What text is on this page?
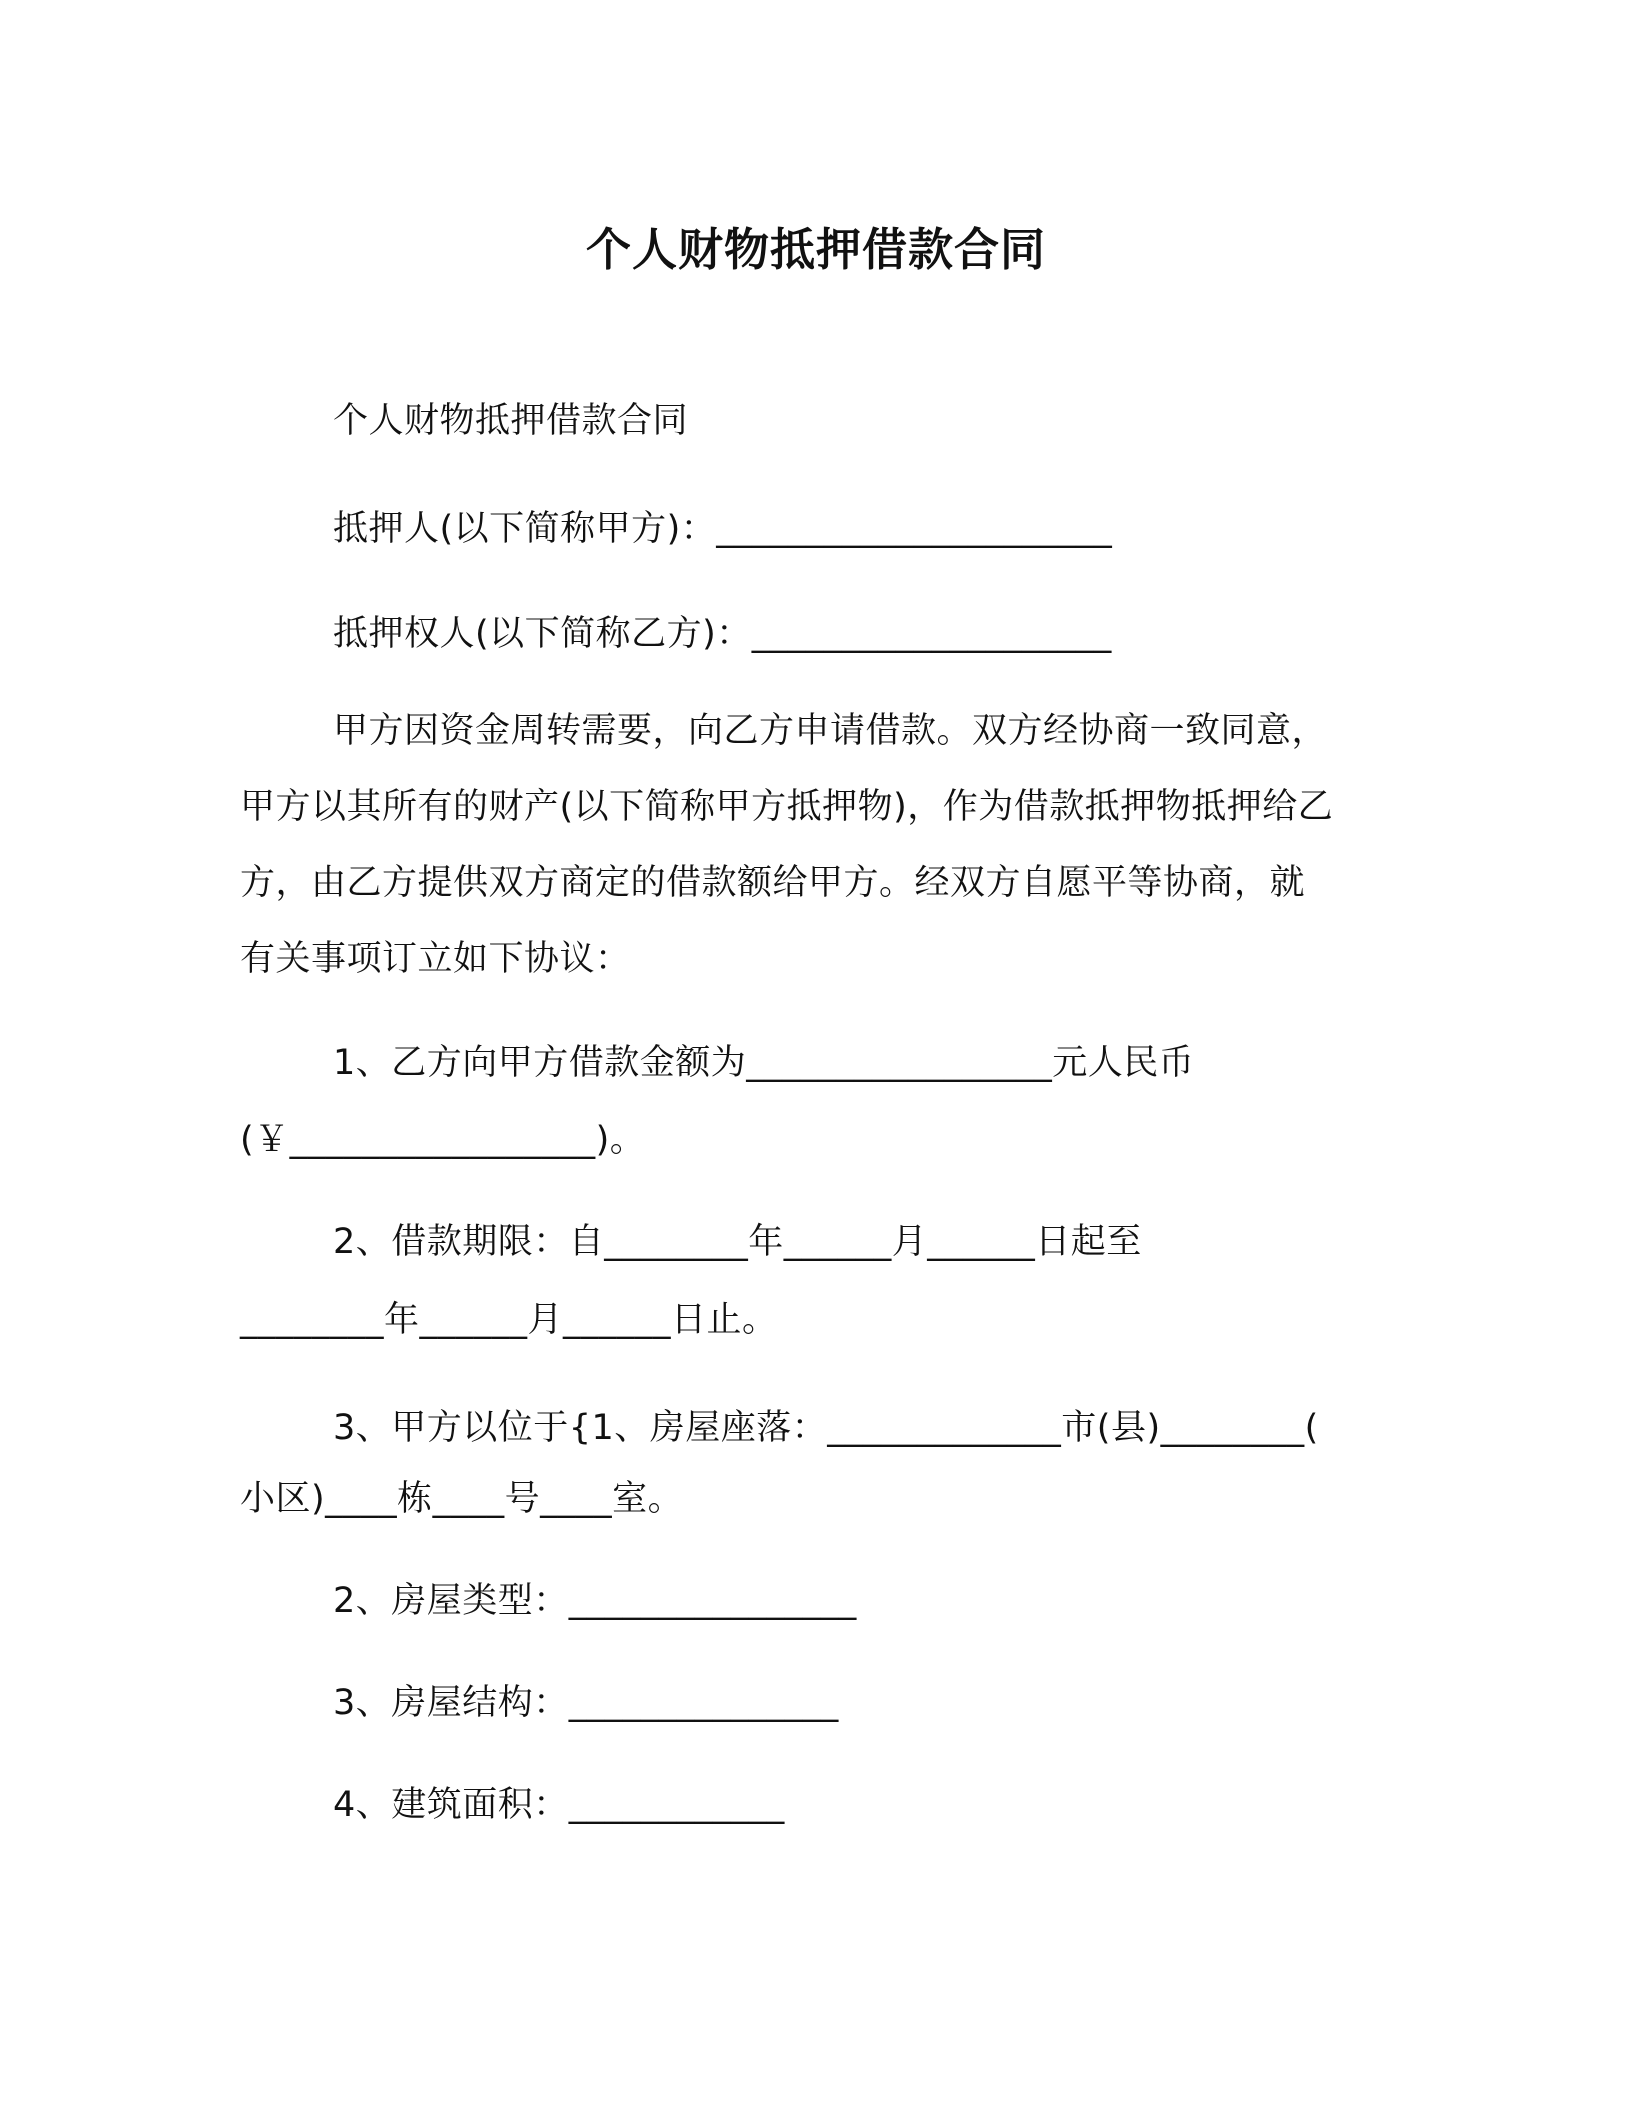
个人财物抵押借款合同
个人财物抵押借款合同
抵押人(以下简称甲方)：______________________
抵押权人(以下简称乙方)：____________________
甲方因资金周转需要，向乙方申请借款。双方经协商一致同意，
甲方以其所有的财产(以下简称甲方抵押物)，作为借款抵押物抵押给乙
方，由乙方提供双方商定的借款额给甲方。经双方自愿平等协商，就
有关事项订立如下协议：
1、乙方向甲方借款金额为_________________元人民币
(￥_________________)。
2、借款期限：自________年______月______日起至
________年______月______日止。
3、甲方以位于{1、房屋座落：_____________市(县)________(
小区)____栋____号____室。
2、房屋类型：________________
3、房屋结构：_______________
4、建筑面积：____________
